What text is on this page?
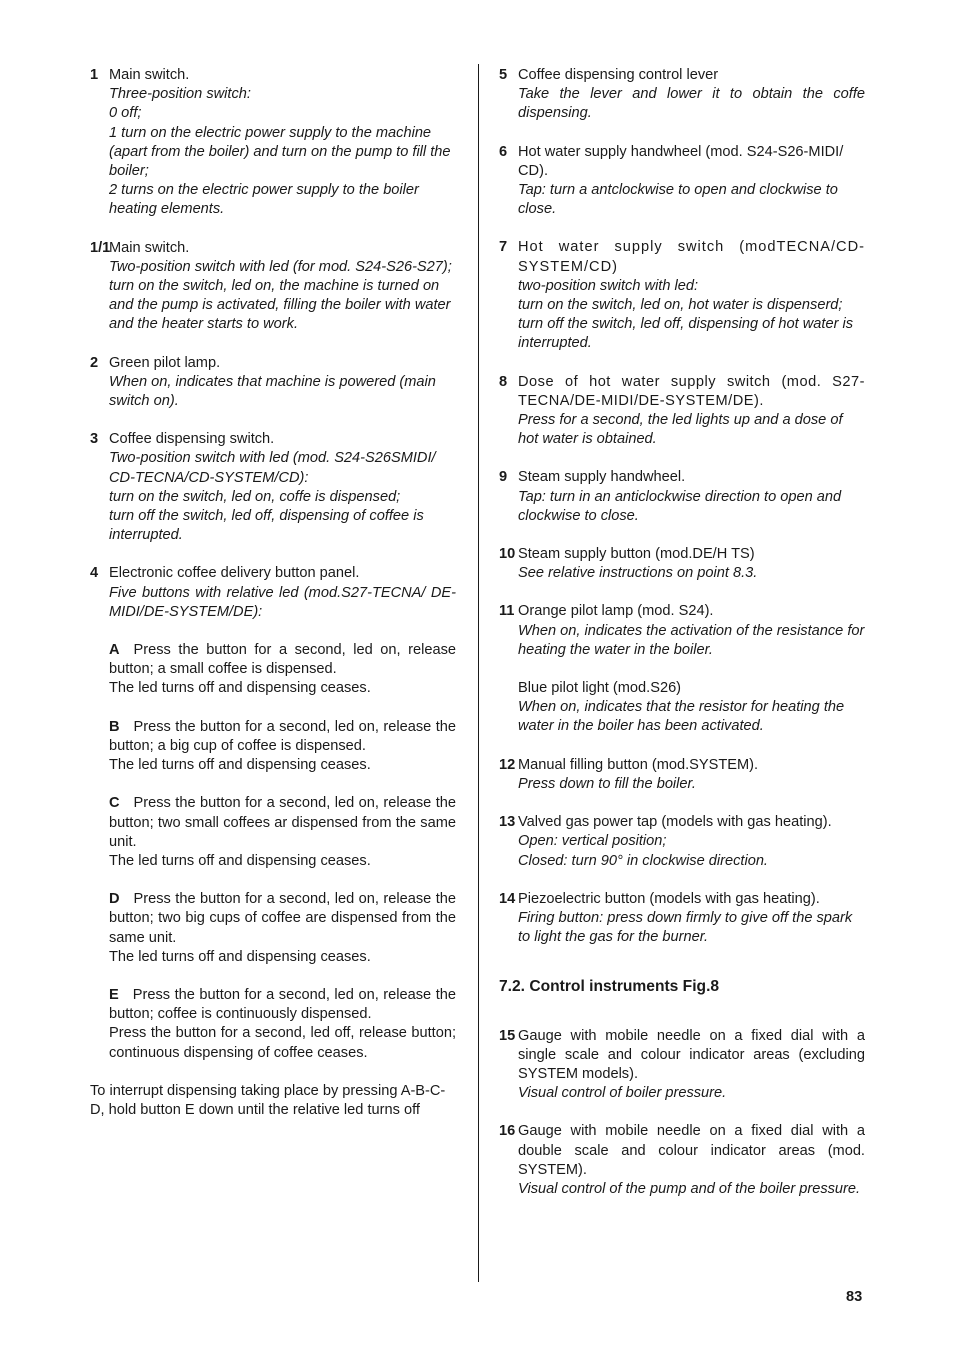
1 Main switch.
Three-position switch:
0 off;
1 turn on the electric power supply to the machine (apart from the boiler) and turn on the pump to fill the boiler;
2 turns on the electric power supply to the boiler heating elements.
1/1
Main switch.
Two-position switch with led (for mod. S24-S26-S27);
turn on the switch, led on, the machine is turned on and the pump is activated, filling the boiler with water and the heater starts to work.
2 Green pilot lamp.
When on, indicates that machine is powered (main switch on).
3 Coffee dispensing switch.
Two-position switch with led (mod. S24-S26SMIDI/ CD-TECNA/CD-SYSTEM/CD):
turn on the switch, led on, coffe is dispensed;
turn off the switch, led off, dispensing of coffee is interrupted.
4 Electronic coffee delivery button panel.
Five buttons with relative led (mod.S27-TECNA/ DE-MIDI/DE-SYSTEM/DE):
A Press the button for a second, led on, release button; a small coffee is dispensed.
The led turns off and dispensing ceases.
B Press the button for a second, led on, release the button; a big cup of coffee is dispensed.
The led turns off and dispensing ceases.
C Press the button for a second, led on, release the button; two small coffees ar dispensed from the same unit.
The led turns off and dispensing ceases.
D Press the button for a second, led on, release the button; two big cups of coffee are dispensed from the same unit.
The led turns off and dispensing ceases.
E Press the button for a second, led on, release the button; coffee is continuously dispensed.
Press the button for a second, led off, release button; continuous dispensing of coffee ceases.
To interrupt dispensing taking place by pressing A-B-C-D, hold button E down until the relative led turns off
5 Coffee dispensing control lever
Take the lever and lower it to obtain the coffe dispensing.
6 Hot water supply handwheel (mod. S24-S26-MIDI/ CD).
Tap: turn a antclockwise to open and clockwise to close.
7 Hot water supply switch (modTECNA/CD-SYSTEM/CD)
two-position switch with led:
turn on the switch, led on, hot water is dispenserd;
turn off the switch, led off, dispensing of hot water is interrupted.
8 Dose of hot water supply switch (mod. S27-TECNA/DE-MIDI/DE-SYSTEM/DE).
Press for a second, the led lights up and a dose of hot water is obtained.
9 Steam supply handwheel.
Tap: turn in an anticlockwise direction to open and clockwise to close.
10 Steam supply button (mod.DE/H TS)
See relative instructions on point 8.3.
11 Orange pilot lamp (mod. S24).
When on, indicates the activation of the resistance for heating the water in the boiler.
Blue pilot light (mod.S26)
When on, indicates that the resistor for heating the water in the boiler has been activated.
12 Manual filling button (mod.SYSTEM).
Press down to fill the boiler.
13 Valved gas power tap (models with gas heating).
Open: vertical position;
Closed: turn 90° in clockwise direction.
14 Piezoelectric button (models with gas heating).
Firing button: press down firmly to give off the spark to light the gas for the burner.
7.2. Control instruments Fig.8
15 Gauge with mobile needle on a fixed dial with a single scale and colour indicator areas (excluding SYSTEM models).
Visual control of boiler pressure.
16 Gauge with mobile needle on a fixed dial with a double scale and colour indicator areas (mod. SYSTEM).
Visual control of the pump and of the boiler pressure.
83
